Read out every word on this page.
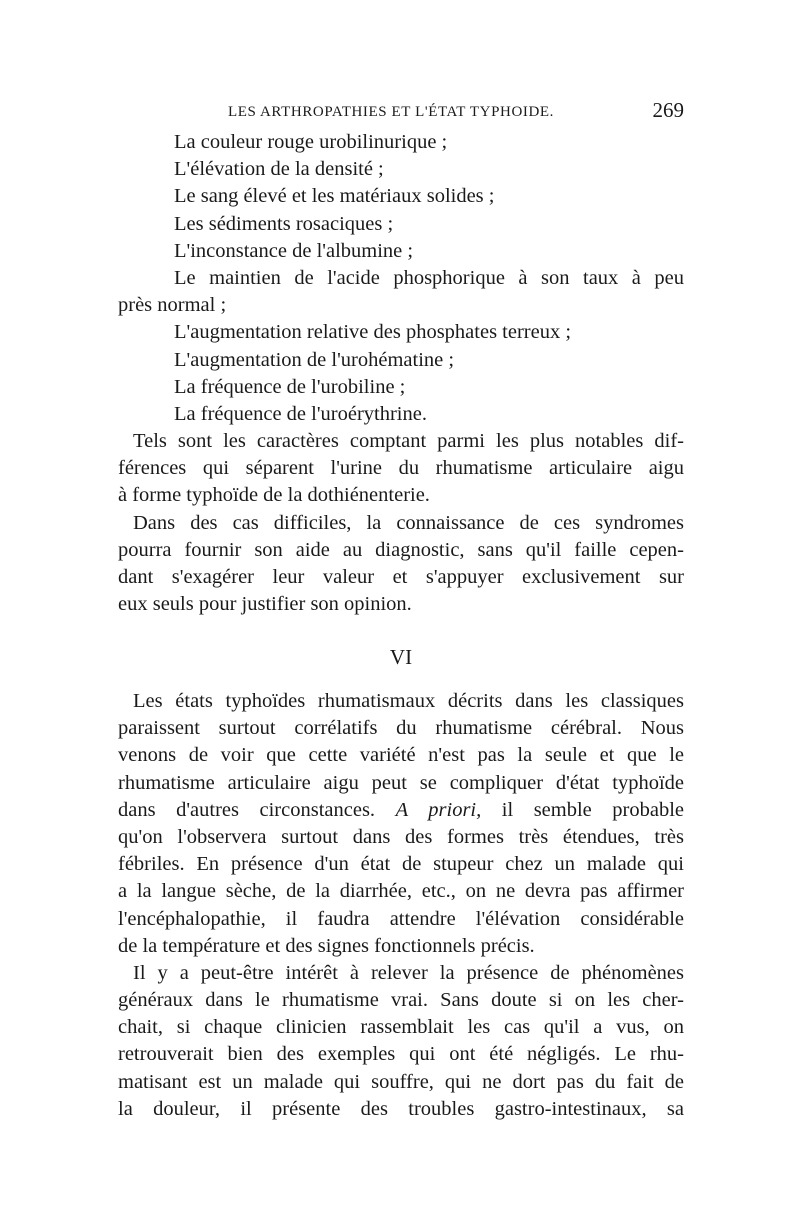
LES ARTHROPATHIES ET L'ÉTAT TYPHOIDE.	269
La couleur rouge urobilinurique ;
L'élévation de la densité ;
Le sang élevé et les matériaux solides ;
Les sédiments rosaciques ;
L'inconstance de l'albumine ;
Le maintien de l'acide phosphorique à son taux à peu
près normal ;
L'augmentation relative des phosphates terreux ;
L'augmentation de l'urohématine ;
La fréquence de l'urobiline ;
La fréquence de l'uroérythrine.
Tels sont les caractères comptant parmi les plus notables dif-
férences qui séparent l'urine du rhumatisme articulaire aigu
à forme typhoïde de la dothiénenterie.
Dans des cas difficiles, la connaissance de ces syndromes
pourra fournir son aide au diagnostic, sans qu'il faille cepen-
dant s'exagérer leur valeur et s'appuyer exclusivement sur
eux seuls pour justifier son opinion.
VI
Les états typhoïdes rhumatismaux décrits dans les classiques
paraissent surtout corrélatifs du rhumatisme cérébral. Nous
venons de voir que cette variété n'est pas la seule et que le
rhumatisme articulaire aigu peut se compliquer d'état typhoïde
dans d'autres circonstances. A priori, il semble probable
qu'on l'observera surtout dans des formes très étendues, très
fébriles. En présence d'un état de stupeur chez un malade qui
a la langue sèche, de la diarrhée, etc., on ne devra pas affirmer
l'encéphalopathie, il faudra attendre l'élévation considérable
de la température et des signes fonctionnels précis.
Il y a peut-être intérêt à relever la présence de phénomènes
généraux dans le rhumatisme vrai. Sans doute si on les cher-
chait, si chaque clinicien rassemblait les cas qu'il a vus, on
retrouverait bien des exemples qui ont été négligés. Le rhu-
matisant est un malade qui souffre, qui ne dort pas du fait de
la douleur, il présente des troubles gastro-intestinaux, sa
